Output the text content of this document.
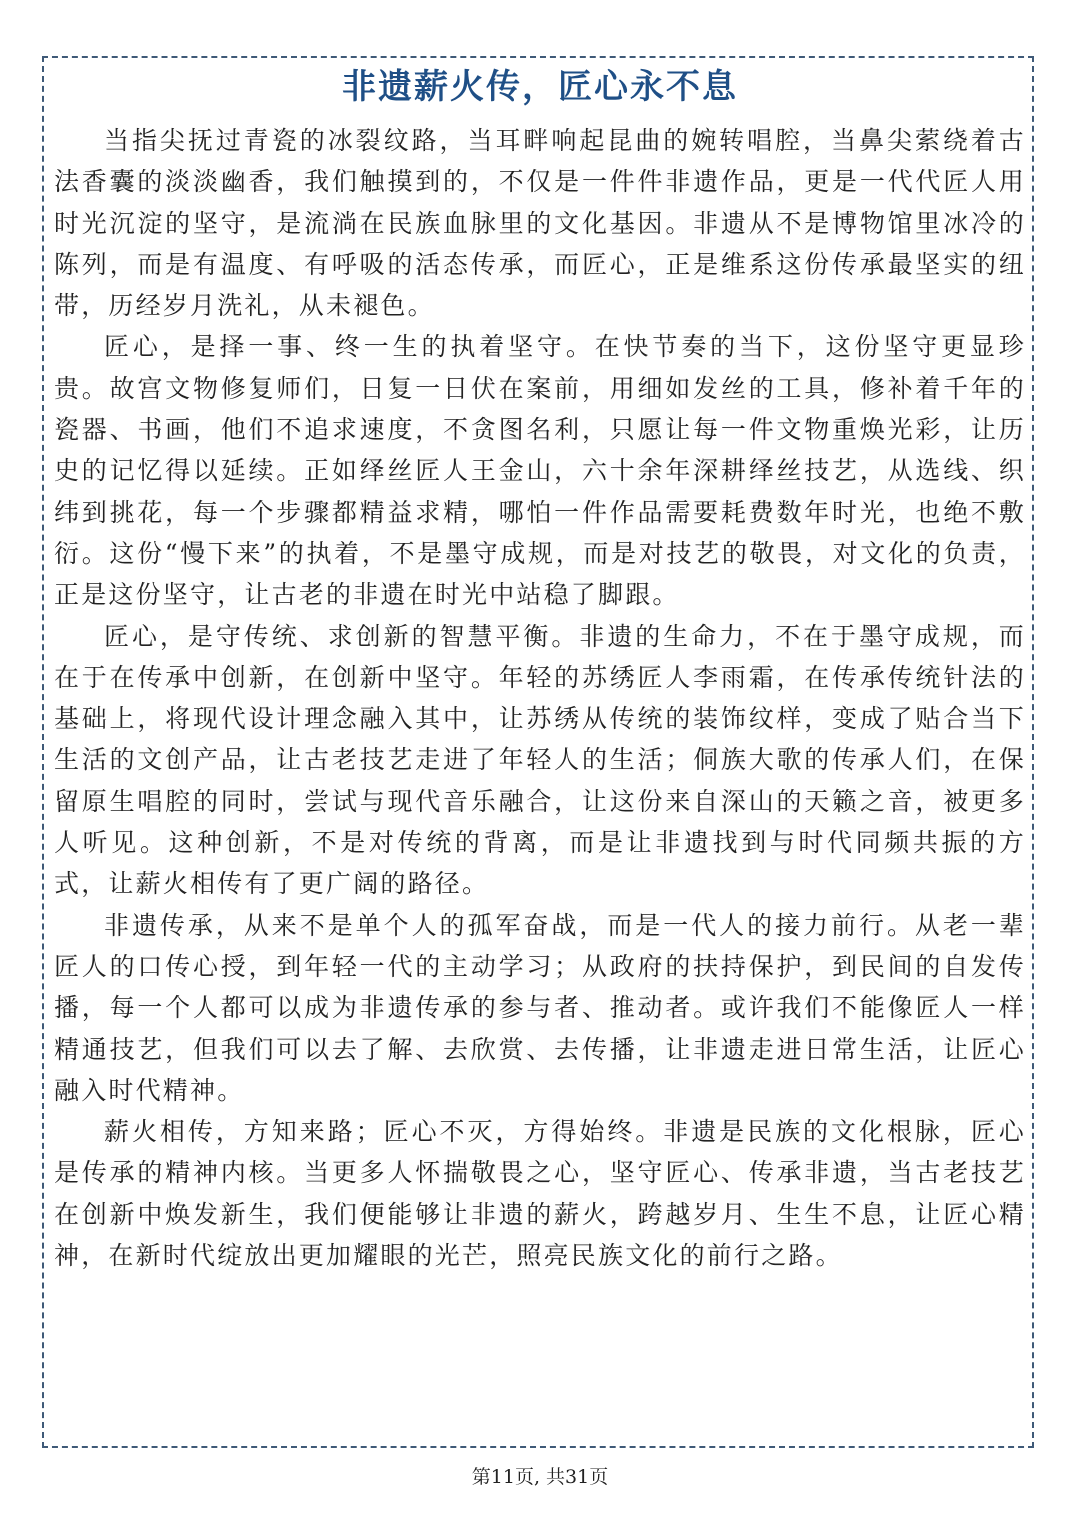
非遗薪火传，匠心永不息

当指尖抚过青瓷的冰裂纹路，当耳畔响起昆曲的婉转唱腔，当鼻尖萦绕着古法香囊的淡淡幽香，我们触摸到的，不仅是一件件非遗作品，更是一代代匠人用时光沉淀的坚守，是流淌在民族血脉里的文化基因。非遗从不是博物馆里冰冷的陈列，而是有温度、有呼吸的活态传承，而匠心，正是维系这份传承最坚实的纽带，历经岁月洗礼，从未褪色。

匠心，是择一事、终一生的执着坚守。在快节奏的当下，这份坚守更显珍贵。故宫文物修复师们，日复一日伏在案前，用细如发丝的工具，修补着千年的瓷器、书画，他们不追求速度，不贪图名利，只愿让每一件文物重焕光彩，让历史的记忆得以延续。正如绎丝匠人王金山，六十余年深耕绎丝技艺，从选线、织纬到挑花，每一个步骤都精益求精，哪怕一件作品需要耗费数年时光，也绝不敷衍。这份“慢下来”的执着，不是墨守成规，而是对技艺的敬畏，对文化的负责，正是这份坚守，让古老的非遗在时光中站稳了脚跟。

匠心，是守传统、求创新的智慧平衡。非遗的生命力，不在于墨守成规，而在于在传承中创新，在创新中坚守。年轻的苏绣匠人李雨霜，在传承传统针法的基础上，将现代设计理念融入其中，让苏绣从传统的装饰纹样，变成了贴合当下生活的文创产品，让古老技艺走进了年轻人的生活；侗族大歌的传承人们，在保留原生唱腔的同时，尝试与现代音乐融合，让这份来自深山的天籁之音，被更多人听见。这种创新，不是对传统的背离，而是让非遗找到与时代同频共振的方式，让薪火相传有了更广阔的路径。

非遗传承，从来不是单个人的孤军奋战，而是一代人的接力前行。从老一辈匠人的口传心授，到年轻一代的主动学习；从政府的扶持保护，到民间的自发传播，每一个人都可以成为非遗传承的参与者、推动者。或许我们不能像匠人一样精通技艺，但我们可以去了解、去欣赏、去传播，让非遗走进日常生活，让匠心融入时代精神。

薪火相传，方知来路；匠心不灭，方得始终。非遗是民族的文化根脉，匠心是传承的精神内核。当更多人怀揣敬畏之心，坚守匠心、传承非遗，当古老技艺在创新中焕发新生，我们便能够让非遗的薪火，跨越岁月、生生不息，让匠心精神，在新时代绽放出更加耀眼的光芒，照亮民族文化的前行之路。

第11页, 共31页
